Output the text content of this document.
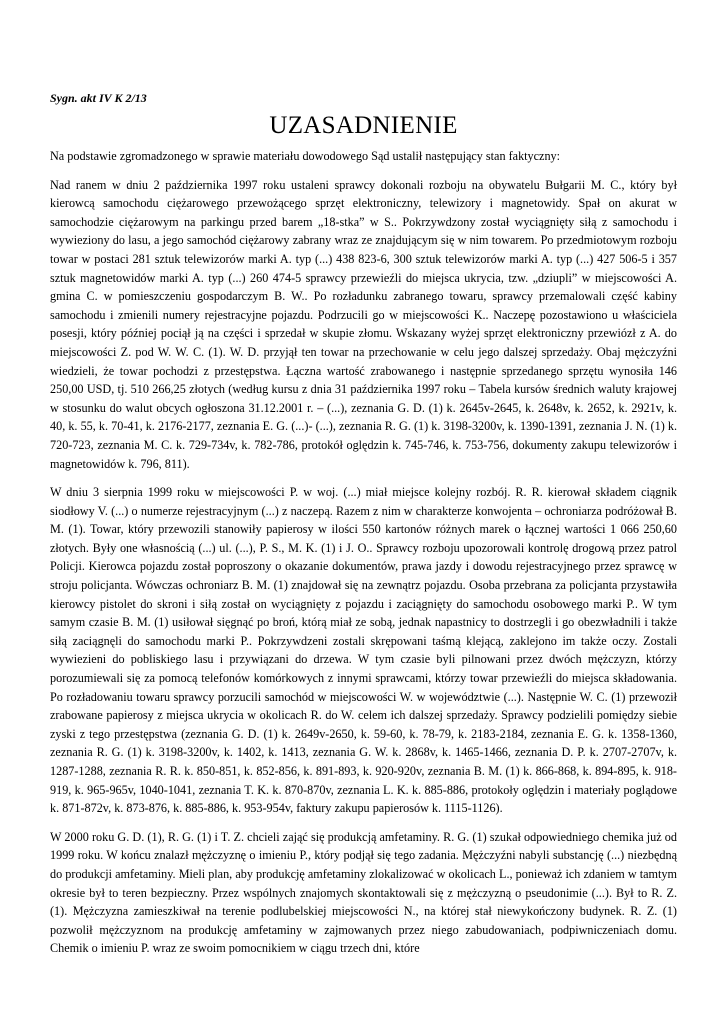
Sygn. akt IV K 2/13

UZASADNIENIE

Na podstawie zgromadzonego w sprawie materiału dowodowego Sąd ustalił następujący stan faktyczny:

Nad ranem w dniu 2 października 1997 roku ustaleni sprawcy dokonali rozboju na obywatelu Bułgarii M. C., który był kierowcą samochodu ciężarowego przewożącego sprzęt elektroniczny, telewizory i magnetowidy. Spał on akurat w samochodzie ciężarowym na parkingu przed barem „18-stka” w S.. Pokrzywdzony został wyciągnięty siłą z samochodu i wywieziony do lasu, a jego samochód ciężarowy zabrany wraz ze znajdującym się w nim towarem. Po przedmiotowym rozboju towar w postaci 281 sztuk telewizorów marki A. typ (...) 438 823-6, 300 sztuk telewizorów marki A. typ (...) 427 506-5 i 357 sztuk magnetowidów marki A. typ (...) 260 474-5 sprawcy przewieźli do miejsca ukrycia, tzw. „dziupli” w miejscowości A. gmina C. w pomieszczeniu gospodarczym B. W.. Po rozładunku zabranego towaru, sprawcy przemalowali część kabiny samochodu i zmienili numery rejestracyjne pojazdu. Podrzucili go w miejscowości K.. Naczepę pozostawiono u właściciela posesji, który później pociął ją na części i sprzedał w skupie złomu. Wskazany wyżej sprzęt elektroniczny przewiózł z A. do miejscowości Z. pod W. W. C. (1). W. D. przyjął ten towar na przechowanie w celu jego dalszej sprzedaży. Obaj mężczyźni wiedzieli, że towar pochodzi z przestępstwa. Łączna wartość zrabowanego i następnie sprzedanego sprzętu wynosiła 146 250,00 USD, tj. 510 266,25 złotych (według kursu z dnia 31 października 1997 roku – Tabela kursów średnich waluty krajowej w stosunku do walut obcych ogłoszona 31.12.2001 r. – (...), zeznania G. D. (1) k. 2645v-2645, k. 2648v, k. 2652, k. 2921v, k. 40, k. 55, k. 70-41, k. 2176-2177, zeznania E. G. (...)- (...), zeznania R. G. (1) k. 3198-3200v, k. 1390-1391, zeznania J. N. (1) k. 720-723, zeznania M. C. k. 729-734v, k. 782-786, protokół oględzin k. 745-746, k. 753-756, dokumenty zakupu telewizorów i magnetowidów k. 796, 811).

W dniu 3 sierpnia 1999 roku w miejscowości P. w woj. (...) miał miejsce kolejny rozbój. R. R. kierował składem ciągnik siodłowy V. (...) o numerze rejestracyjnym (...) z naczepą. Razem z nim w charakterze konwojenta – ochroniarza podróżował B. M. (1). Towar, który przewozili stanowiły papierosy w ilości 550 kartonów różnych marek o łącznej wartości 1 066 250,60 złotych. Były one własnością (...) ul. (...), P. S., M. K. (1) i J. O.. Sprawcy rozboju upozorowali kontrolę drogową przez patrol Policji. Kierowca pojazdu został poproszony o okazanie dokumentów, prawa jazdy i dowodu rejestracyjnego przez sprawcę w stroju policjanta. Wówczas ochroniarz B. M. (1) znajdował się na zewnątrz pojazdu. Osoba przebrana za policjanta przystawiła kierowcy pistolet do skroni i siłą został on wyciągnięty z pojazdu i zaciągnięty do samochodu osobowego marki P.. W tym samym czasie B. M. (1) usiłował sięgnąć po broń, którą miał ze sobą, jednak napastnicy to dostrzegli i go obezwładnili i także siłą zaciągnęli do samochodu marki P.. Pokrzywdzeni zostali skrępowani taśmą klejącą, zaklejono im także oczy. Zostali wywiezieni do pobliskiego lasu i przywiązani do drzewa. W tym czasie byli pilnowani przez dwóch mężczyzn, którzy porozumiewali się za pomocą telefonów komórkowych z innymi sprawcami, którzy towar przewieźli do miejsca składowania. Po rozładowaniu towaru sprawcy porzucili samochód w miejscowości W. w województwie (...). Następnie W. C. (1) przewoził zrabowane papierosy z miejsca ukrycia w okolicach R. do W. celem ich dalszej sprzedaży. Sprawcy podzielili pomiędzy siebie zyski z tego przestępstwa (zeznania G. D. (1) k. 2649v-2650, k. 59-60, k. 78-79, k. 2183-2184, zeznania E. G. k. 1358-1360, zeznania R. G. (1) k. 3198-3200v, k. 1402, k. 1413, zeznania G. W. k. 2868v, k. 1465-1466, zeznania D. P. k. 2707-2707v, k. 1287-1288, zeznania R. R. k. 850-851, k. 852-856, k. 891-893, k. 920-920v, zeznania B. M. (1) k. 866-868, k. 894-895, k. 918-919, k. 965-965v, 1040-1041, zeznania T. K. k. 870-870v, zeznania L. K. k. 885-886, protokoły oględzin i materiały poglądowe k. 871-872v, k. 873-876, k. 885-886, k. 953-954v, faktury zakupu papierosów k. 1115-1126).

W 2000 roku G. D. (1), R. G. (1) i T. Z. chcieli zająć się produkcją amfetaminy. R. G. (1) szukał odpowiedniego chemika już od 1999 roku. W końcu znalazł mężczyznę o imieniu P., który podjął się tego zadania. Mężczyźni nabyli substancję (...) niezbędną do produkcji amfetaminy. Mieli plan, aby produkcję amfetaminy zlokalizować w okolicach L., ponieważ ich zdaniem w tamtym okresie był to teren bezpieczny. Przez wspólnych znajomych skontaktowali się z mężczyzną o pseudonimie (...). Był to R. Z. (1). Mężczyzna zamieszkiwał na terenie podlubelskiej miejscowości N., na której stał niewykończony budynek. R. Z. (1) pozwolił mężczyznom na produkcję amfetaminy w zajmowanych przez niego zabudowaniach, podpiwniczeniach domu. Chemik o imieniu P. wraz ze swoim pomocnikiem w ciągu trzech dni, które
